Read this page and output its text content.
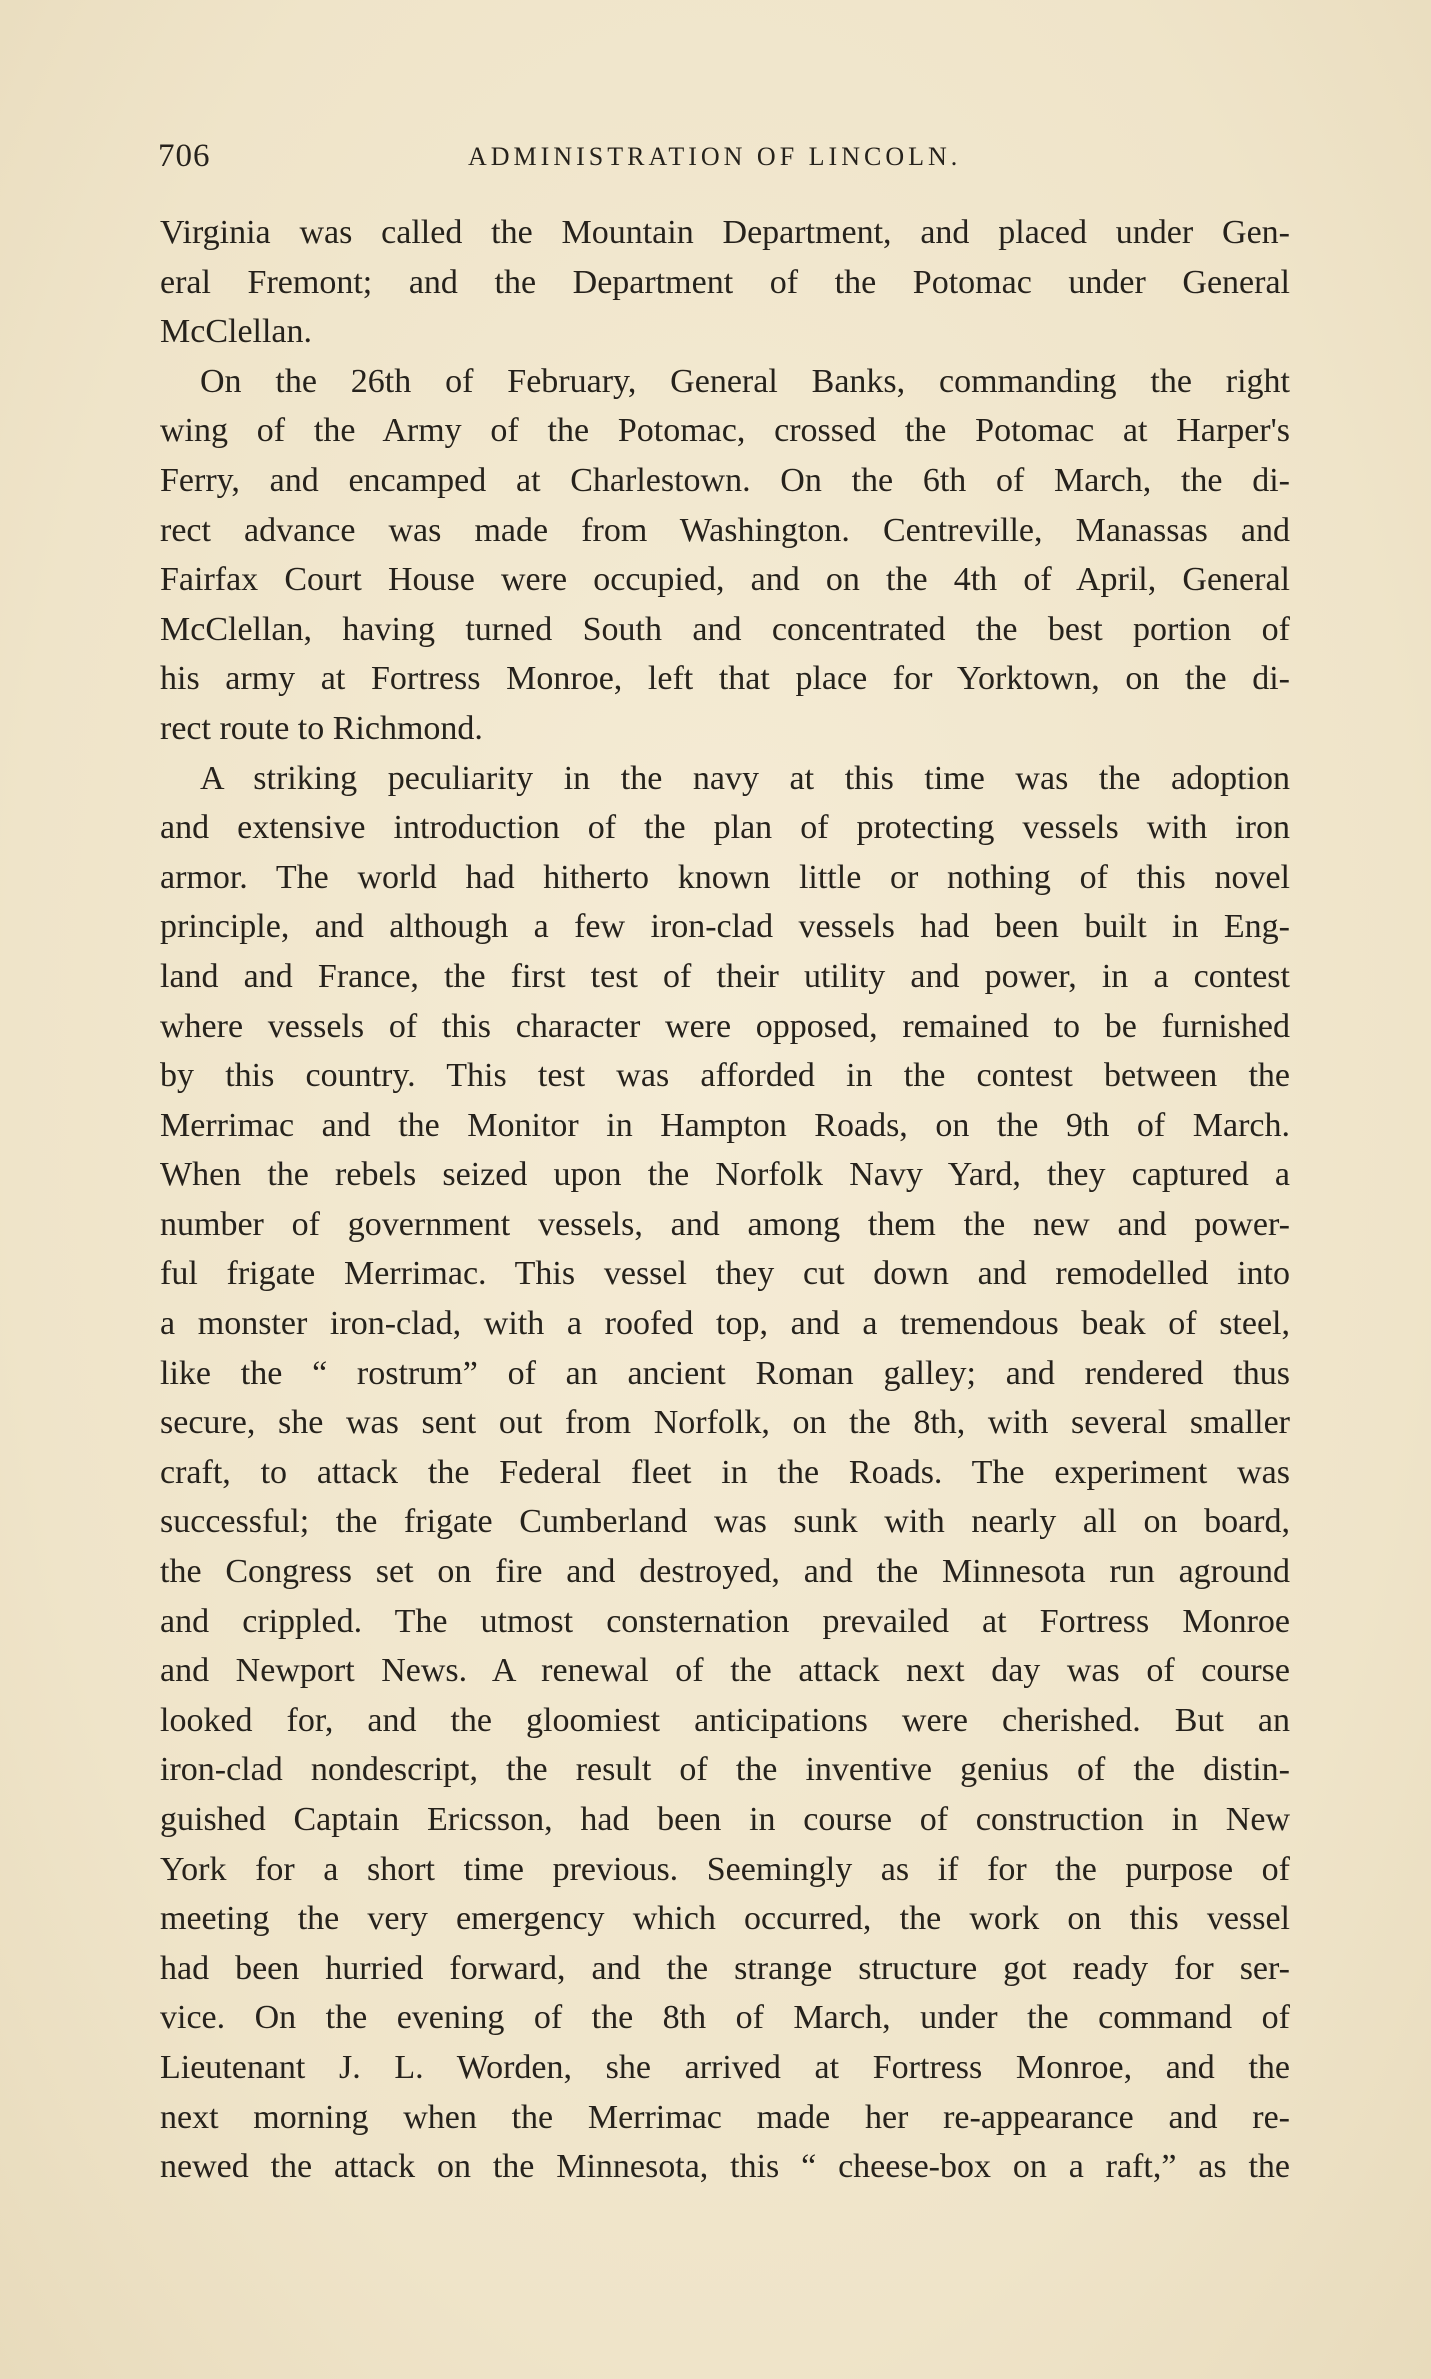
706	ADMINISTRATION OF LINCOLN.
Virginia was called the Mountain Department, and placed under Gen-
eral Fremont; and the Department of the Potomac under General
McClellan.
On the 26th of February, General Banks, commanding the right
wing of the Army of the Potomac, crossed the Potomac at Harper's
Ferry, and encamped at Charlestown. On the 6th of March, the di-
rect advance was made from Washington. Centreville, Manassas and
Fairfax Court House were occupied, and on the 4th of April, General
McClellan, having turned South and concentrated the best portion of
his army at Fortress Monroe, left that place for Yorktown, on the di-
rect route to Richmond.
A striking peculiarity in the navy at this time was the adoption
and extensive introduction of the plan of protecting vessels with iron
armor. The world had hitherto known little or nothing of this novel
principle, and although a few iron-clad vessels had been built in Eng-
land and France, the first test of their utility and power, in a contest
where vessels of this character were opposed, remained to be furnished
by this country. This test was afforded in the contest between the
Merrimac and the Monitor in Hampton Roads, on the 9th of March.
When the rebels seized upon the Norfolk Navy Yard, they captured a
number of government vessels, and among them the new and power-
ful frigate Merrimac. This vessel they cut down and remodelled into
a monster iron-clad, with a roofed top, and a tremendous beak of steel,
like the “ rostrum” of an ancient Roman galley; and rendered thus
secure, she was sent out from Norfolk, on the 8th, with several smaller
craft, to attack the Federal fleet in the Roads. The experiment was
successful; the frigate Cumberland was sunk with nearly all on board,
the Congress set on fire and destroyed, and the Minnesota run aground
and crippled. The utmost consternation prevailed at Fortress Monroe
and Newport News. A renewal of the attack next day was of course
looked for, and the gloomiest anticipations were cherished. But an
iron-clad nondescript, the result of the inventive genius of the distin-
guished Captain Ericsson, had been in course of construction in New
York for a short time previous. Seemingly as if for the purpose of
meeting the very emergency which occurred, the work on this vessel
had been hurried forward, and the strange structure got ready for ser-
vice. On the evening of the 8th of March, under the command of
Lieutenant J. L. Worden, she arrived at Fortress Monroe, and the
next morning when the Merrimac made her re-appearance and re-
newed the attack on the Minnesota, this “ cheese-box on a raft,” as the
